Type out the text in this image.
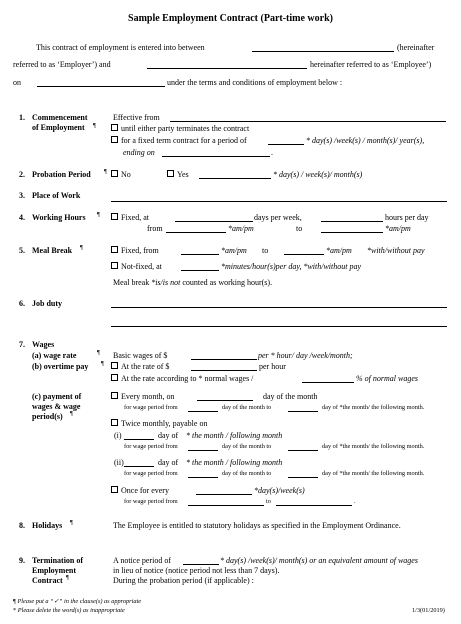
Sample Employment Contract (Part-time work)
This contract of employment is entered into between	(hereinafter
referred to as ‘Employer’) and	hereinafter referred to as ‘Employee’)
on	under the terms and conditions of employment below :
1. Commencement
of Employment ¶
Effective from
until either party terminates the contract
for a fixed term contract for a period of	* day(s) /week(s) / month(s)/ year(s),
ending on	.
2. Probation Period ¶	No	Yes	* day(s) / week(s)/ month(s)
3. Place of Work
4. Working Hours ¶	Fixed, at	days per week,	hours per day
from	*am/pm	to	*am/pm
5. Meal Break ¶	Fixed, from	*am/pm to	*am/pm *with/without pay
Not-fixed, at	*minutes/hour(s)per day, *with/without pay
Meal break *is/is not counted as working hour(s).
6. Job duty
7. Wages
(a) wage rate	¶
(b) overtime pay ¶
Basic wages of $	per * hour/ day /week/month;
At the rate of $	per hour
At the rate according to * normal wages /	% of normal wages
(c) payment of
wages & wage
period(s) ¶
Every month, on	day of the month
for wage period from	day of the month to	day of *the month/ the following month.
Twice monthly, payable on
(i)	day of * the month / following month
for wage period from	day of the month to	day of *the month/ the following month.
(ii)	day of * the month / following month
for wage period from	day of the month to	day of *the month/ the following month.
Once for every	*day(s)/week(s)
for wage period from	to	.
8. Holidays ¶	The Employee is entitled to statutory holidays as specified in the Employment Ordinance.
9. Termination of
Employment
Contract ¶
A notice period of	* day(s) /week(s)/ month(s) or an equivalent amount of wages
in lieu of notice (notice period not less than 7 days).
During the probation period (if applicable) :
¶ Please put a “✓” in the clause(s) as appropriate
* Please delete the word(s) as inappropriate	1/3(01/2019)
